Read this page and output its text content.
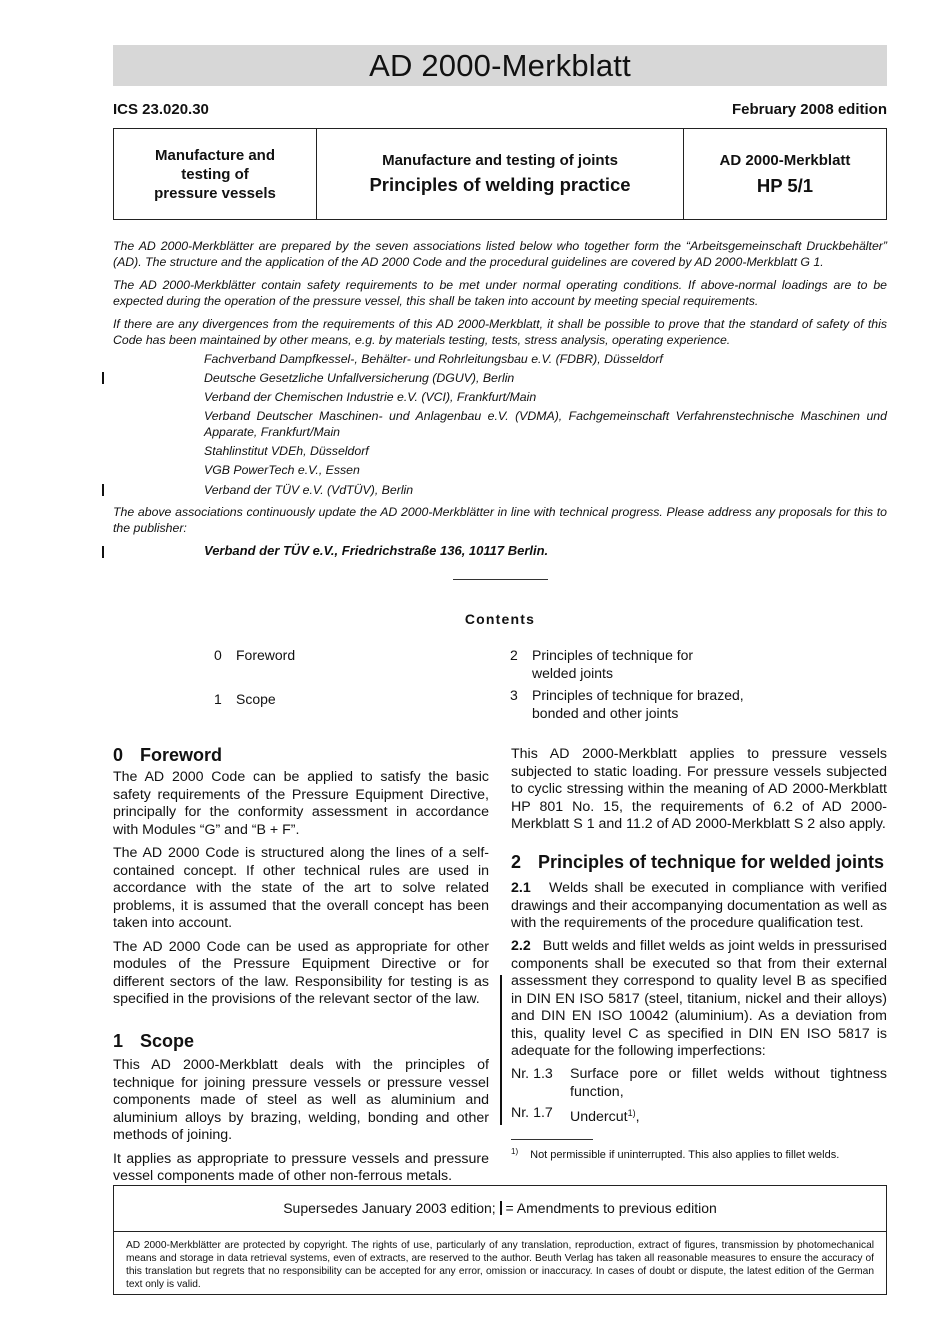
AD 2000-Merkblatt
ICS 23.020.30	February 2008 edition
Manufacture and
testing of
pressure vessels
Manufacture and testing of joints
Principles of welding practice
AD 2000-Merkblatt
HP 5/1

The AD 2000-Merkblätter are prepared by the seven associations listed below who together form the “Arbeitsgemeinschaft Druckbehälter” (AD). The structure and the application of the AD 2000 Code and the procedural guidelines are covered by AD 2000-Merkblatt G 1.

The AD 2000-Merkblätter contain safety requirements to be met under normal operating conditions. If above-normal loadings are to be expected during the operation of the pressure vessel, this shall be taken into account by meeting special requirements.

If there are any divergences from the requirements of this AD 2000-Merkblatt, it shall be possible to prove that the standard of safety of this Code has been maintained by other means, e.g. by materials testing, tests, stress analysis, operating experience.

Fachverband Dampfkessel-, Behälter- und Rohrleitungsbau e.V. (FDBR), Düsseldorf
Deutsche Gesetzliche Unfallversicherung (DGUV), Berlin
Verband der Chemischen Industrie e.V. (VCI), Frankfurt/Main
Verband Deutscher Maschinen- und Anlagenbau e.V. (VDMA), Fachgemeinschaft Verfahrenstechnische Maschinen und Apparate, Frankfurt/Main
Stahlinstitut VDEh, Düsseldorf
VGB PowerTech e.V., Essen
Verband der TÜV e.V. (VdTÜV), Berlin

The above associations continuously update the AD 2000-Merkblätter in line with technical progress. Please address any proposals for this to the publisher:

Verband der TÜV e.V., Friedrichstraße 136, 10117 Berlin.
Contents
0 Foreword
1 Scope
2 Principles of technique for
welded joints
3 Principles of technique for brazed,
bonded and other joints
0 Foreword

The AD 2000 Code can be applied to satisfy the basic safety requirements of the Pressure Equipment Directive, principally for the conformity assessment in accordance with Modules “G” and “B + F”.

The AD 2000 Code is structured along the lines of a self-contained concept. If other technical rules are used in accordance with the state of the art to solve related problems, it is assumed that the overall concept has been taken into account.

The AD 2000 Code can be used as appropriate for other modules of the Pressure Equipment Directive or for different sectors of the law. Responsibility for testing is as specified in the provisions of the relevant sector of the law.

1 Scope

This AD 2000-Merkblatt deals with the principles of technique for joining pressure vessels or pressure vessel components made of steel as well as aluminium and aluminium alloys by brazing, welding, bonding and other methods of joining.

It applies as appropriate to pressure vessels and pressure vessel components made of other non-ferrous metals.

This AD 2000-Merkblatt applies to pressure vessels subjected to static loading. For pressure vessels subjected to cyclic stressing within the meaning of AD 2000-Merkblatt HP 801 No. 15, the requirements of 6.2 of AD 2000-Merkblatt S 1 and 11.2 of AD 2000-Merkblatt S 2 also apply.

2 Principles of technique for welded joints

2.1 Welds shall be executed in compliance with verified drawings and their accompanying documentation as well as with the requirements of the procedure qualification test.

2.2 Butt welds and fillet welds as joint welds in pressurised components shall be executed so that from their external assessment they correspond to quality level B as specified in DIN EN ISO 5817 (steel, titanium, nickel and their alloys) and DIN EN ISO 10042 (aluminium). As a deviation from this, quality level C as specified in DIN EN ISO 5817 is adequate for the following imperfections:

Nr. 1.3 Surface pore or fillet welds without tightness function,
Nr. 1.7 Undercut$^{1)}$,
$^{1)}$ Not permissible if uninterrupted. This also applies to fillet welds.
Supersedes January 2003 edition; = Amendments to previous edition
AD 2000-Merkblätter are protected by copyright. The rights of use, particularly of any translation, reproduction, extract of figures, transmission by photomechanical means and storage in data retrieval systems, even of extracts, are reserved to the author. Beuth Verlag has taken all reasonable measures to ensure the accuracy of this translation but regrets that no responsibility can be accepted for any error, omission or inaccuracy. In cases of doubt or dispute, the latest edition of the German text only is valid.
